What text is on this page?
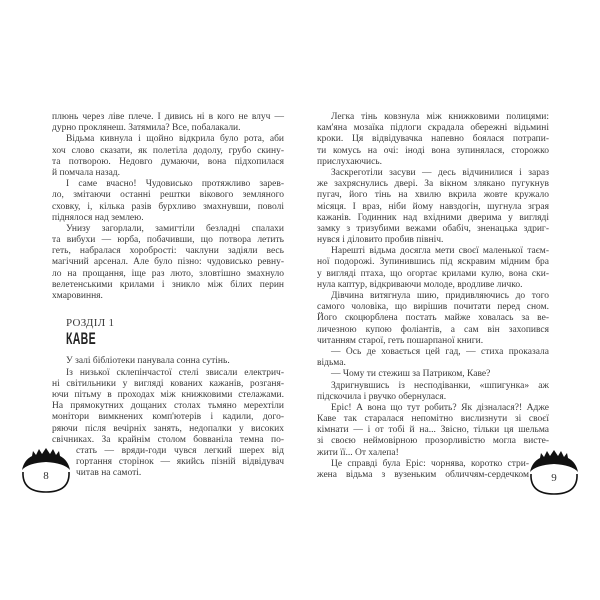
плюнь через ліве плече. І дивись ні в кого не влуч —
дурно проклянеш. Затямила? Все, побалакали.
Відьма кивнула і щойно відкрила було рота, аби
хоч слово сказати, як полетіла додолу, грубо скину-
та потворою. Недовго думаючи, вона підхопилася
й помчала назад.
І саме вчасно! Чудовисько протяжливо зарев-
ло, змітаючи останні рештки вікового земляного
сховку, і, кілька разів бурхливо змахнувши, поволі
піднялося над землею.
Унизу загорлали, замигтіли безладні спалахи
та вибухи — юрба, побачивши, що потвора летить
геть, набралася хоробрості: чаклуни задіяли весь
магічний арсенал. Але було пізно: чудовисько ревну-
ло на прощання, іще раз люто, зловтішно змахнуло
велетенськими крилами і зникло між білих перин
хмаровиння.
РОЗДІЛ 1
КАВЕ
У залі бібліотеки панувала сонна сутінь.
Із низької склепінчастої стелі звисали електрич-
ні світильники у вигляді кованих кажанів, розганя-
ючи пітьму в проходах між книжковими стелажами.
На прямокутних дощаних столах тьмяно мерехтіли
монітори вимкнених комп'ютерів і кадили, дого-
ряючи після вечірніх занять, недопалки у високих
свічниках. За крайнім столом бовваніла темна по-
стать — вряди-годи чувся легкий шерех від
гортання сторінок — якийсь пізній відвідувач
читав на самоті.
Легка тінь ковзнула між книжковими полицями:
кам'яна мозаїка підлоги скрадала обережні відьмині
кроки. Ця відвідувачка напевно боялася потрапи-
ти комусь на очі: іноді вона зупинялася, сторожко
прислухаючись.
Заскреготіли засуви — десь відчинилися і зараз
же захряснулись двері. За вікном злякано пугукнув
пугач, його тінь на хвилю вкрила жовте кружало
місяця. І враз, ніби йому навздогін, шугнула зграя
кажанів. Годинник над вхідними дверима у вигляді
замку з тризубими вежами обабіч, зненацька здриг-
нувся і діловито пробив північ.
Нарешті відьма досягла мети своєї маленької таєм-
ної подорожі. Зупинившись під яскравим мідним бра
у вигляді птаха, що огортає крилами кулю, вона ски-
нула каптур, відкриваючи молоде, вродливе личко.
Дівчина витягнула шию, придивляючись до того
самого чоловіка, що вирішив почитати перед сном.
Його скоцюрблена постать майже ховалась за ве-
личезною купою фоліантів, а сам він захопився
читанням старої, геть пошарпаної книги.
— Ось де ховається цей гад, — стиха проказала
відьма.
— Чому ти стежиш за Патриком, Каве?
Здригнувшись із несподіванки, «шпигунка» аж
підскочила і рвучко обернулася.
Еріс! А вона що тут робить? Як дізналася?! Адже
Каве так старалася непомітно вислизнути зі своєї
кімнати — і от тобі й на... Звісно, тільки ця шельма
зі своєю неймовірною прозорливістю могла висте-
жити її... От халепа!
Це справді була Еріс: чорнява, коротко стри-
жена відьма з вузеньким обличчям-сердечком
8	9
